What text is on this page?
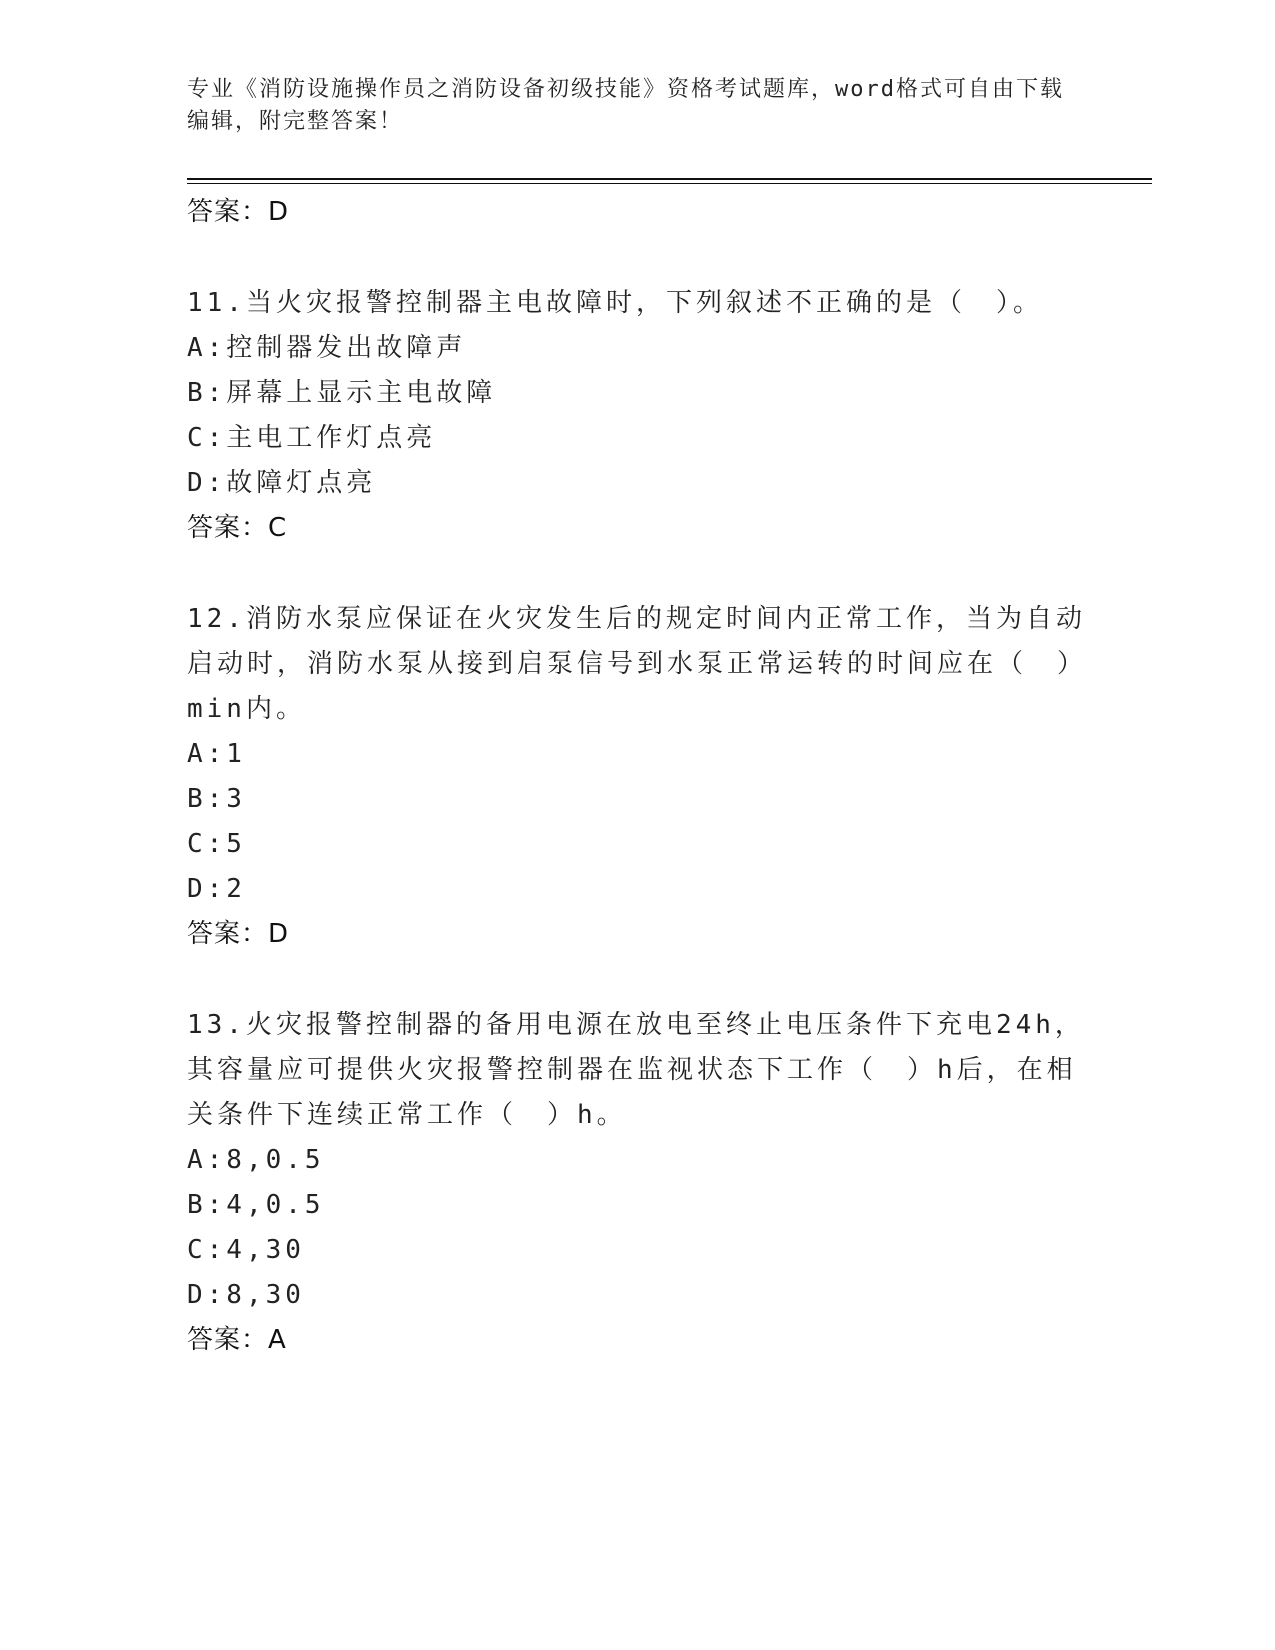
专业《消防设施操作员之消防设备初级技能》资格考试题库，word格式可自由下载编辑，附完整答案！
答案：D
11.当火灾报警控制器主电故障时，下列叙述不正确的是（　）。
A:控制器发出故障声
B:屏幕上显示主电故障
C:主电工作灯点亮
D:故障灯点亮
答案：C
12.消防水泵应保证在火灾发生后的规定时间内正常工作，当为自动启动时，消防水泵从接到启泵信号到水泵正常运转的时间应在（　）min内。
A:1
B:3
C:5
D:2
答案：D
13.火灾报警控制器的备用电源在放电至终止电压条件下充电24h，其容量应可提供火灾报警控制器在监视状态下工作（　）h后，在相关条件下连续正常工作（　）h。
A:8,0.5
B:4,0.5
C:4,30
D:8,30
答案：A
